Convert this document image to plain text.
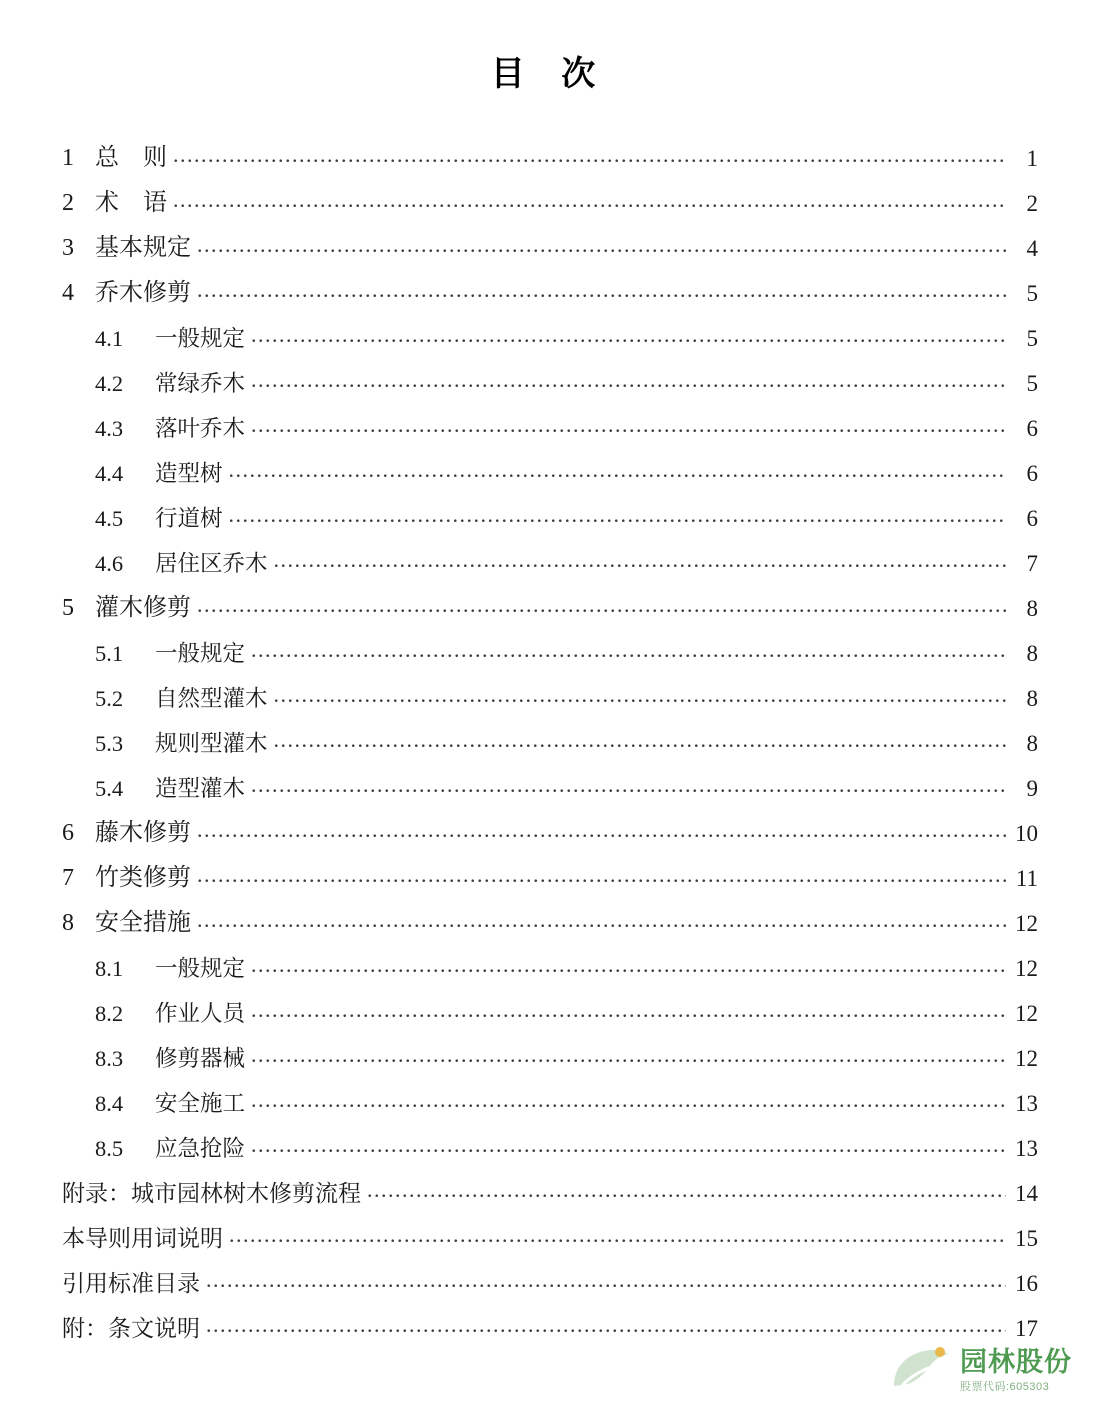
目 次
1 总　则 .....	1
2 术　语 .....	2
3 基本规定 .....	4
4 乔木修剪 .....	5
4.1	一般规定 .....	5
4.2	常绿乔木 .....	5
4.3	落叶乔木 .....	6
4.4	造型树 .....	6
4.5	行道树 .....	6
4.6	居住区乔木 .....	7
5 灌木修剪 .....	8
5.1	一般规定 .....	8
5.2	自然型灌木 .....	8
5.3	规则型灌木 .....	8
5.4	造型灌木 .....	9
6 藤木修剪 .....	10
7 竹类修剪 .....	11
8 安全措施 .....	12
8.1	一般规定 .....	12
8.2	作业人员 .....	12
8.3	修剪器械 .....	12
8.4	安全施工 .....	13
8.5	应急抢险 .....	13
附录：城市园林树木修剪流程 .....	14
本导则用词说明 .....	15
引用标准目录 .....	16
附：条文说明 .....	17
园林股份
股票代码:605303
